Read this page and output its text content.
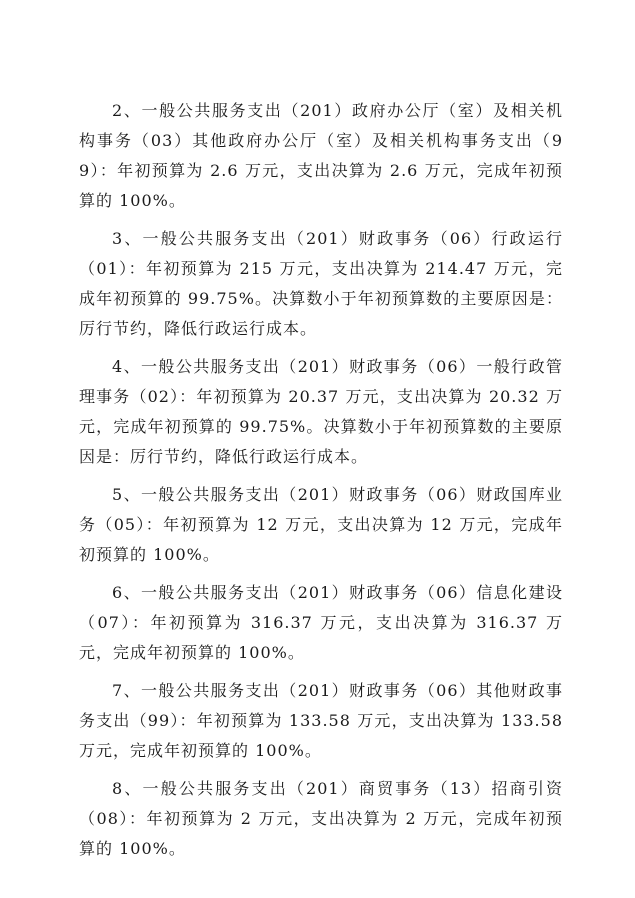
2、一般公共服务支出（201）政府办公厅（室）及相关机构事务（03）其他政府办公厅（室）及相关机构事务支出（99）：年初预算为 2.6 万元，支出决算为 2.6 万元，完成年初预算的 100%。

3、一般公共服务支出（201）财政事务（06）行政运行（01）：年初预算为 215 万元，支出决算为 214.47 万元，完成年初预算的 99.75%。决算数小于年初预算数的主要原因是：厉行节约，降低行政运行成本。

4、一般公共服务支出（201）财政事务（06）一般行政管理事务（02）：年初预算为 20.37 万元，支出决算为 20.32 万元，完成年初预算的 99.75%。决算数小于年初预算数的主要原因是：厉行节约，降低行政运行成本。

5、一般公共服务支出（201）财政事务（06）财政国库业务（05）：年初预算为 12 万元，支出决算为 12 万元，完成年初预算的 100%。

6、一般公共服务支出（201）财政事务（06）信息化建设（07）：年初预算为 316.37 万元，支出决算为 316.37 万元，完成年初预算的 100%。

7、一般公共服务支出（201）财政事务（06）其他财政事务支出（99）：年初预算为 133.58 万元，支出决算为 133.58 万元，完成年初预算的 100%。

8、一般公共服务支出（201）商贸事务（13）招商引资（08）：年初预算为 2 万元，支出决算为 2 万元，完成年初预算的 100%。
